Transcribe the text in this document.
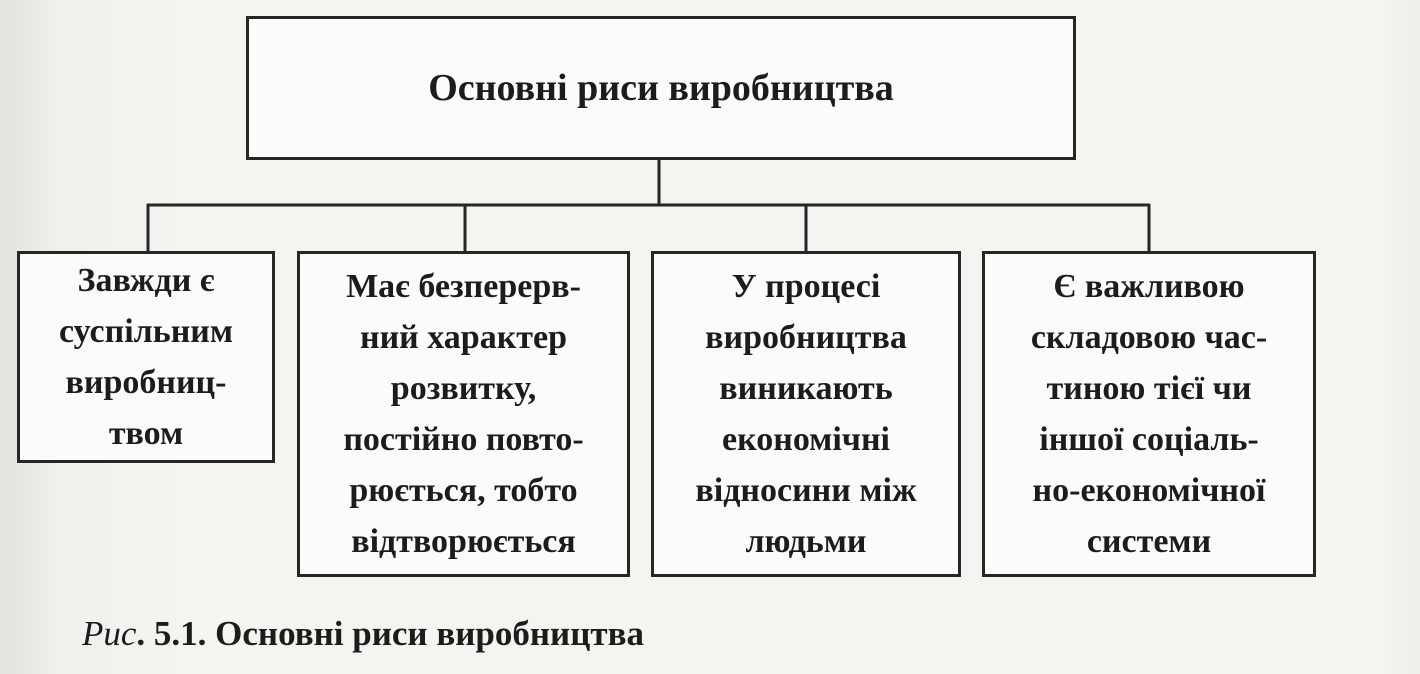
Основні риси виробництва
Завжди є
суспільним
виробниц-
твом
Має безперерв-
ний характер
розвитку,
постійно повто-
рюється, тобто
відтворюється
У процесі
виробництва
виникають
економічні
відносини між
людьми
Є важливою
складовою час-
тиною тієї чи
іншої соціаль-
но-економічної
системи
Рис. 5.1. Основні риси виробництва
